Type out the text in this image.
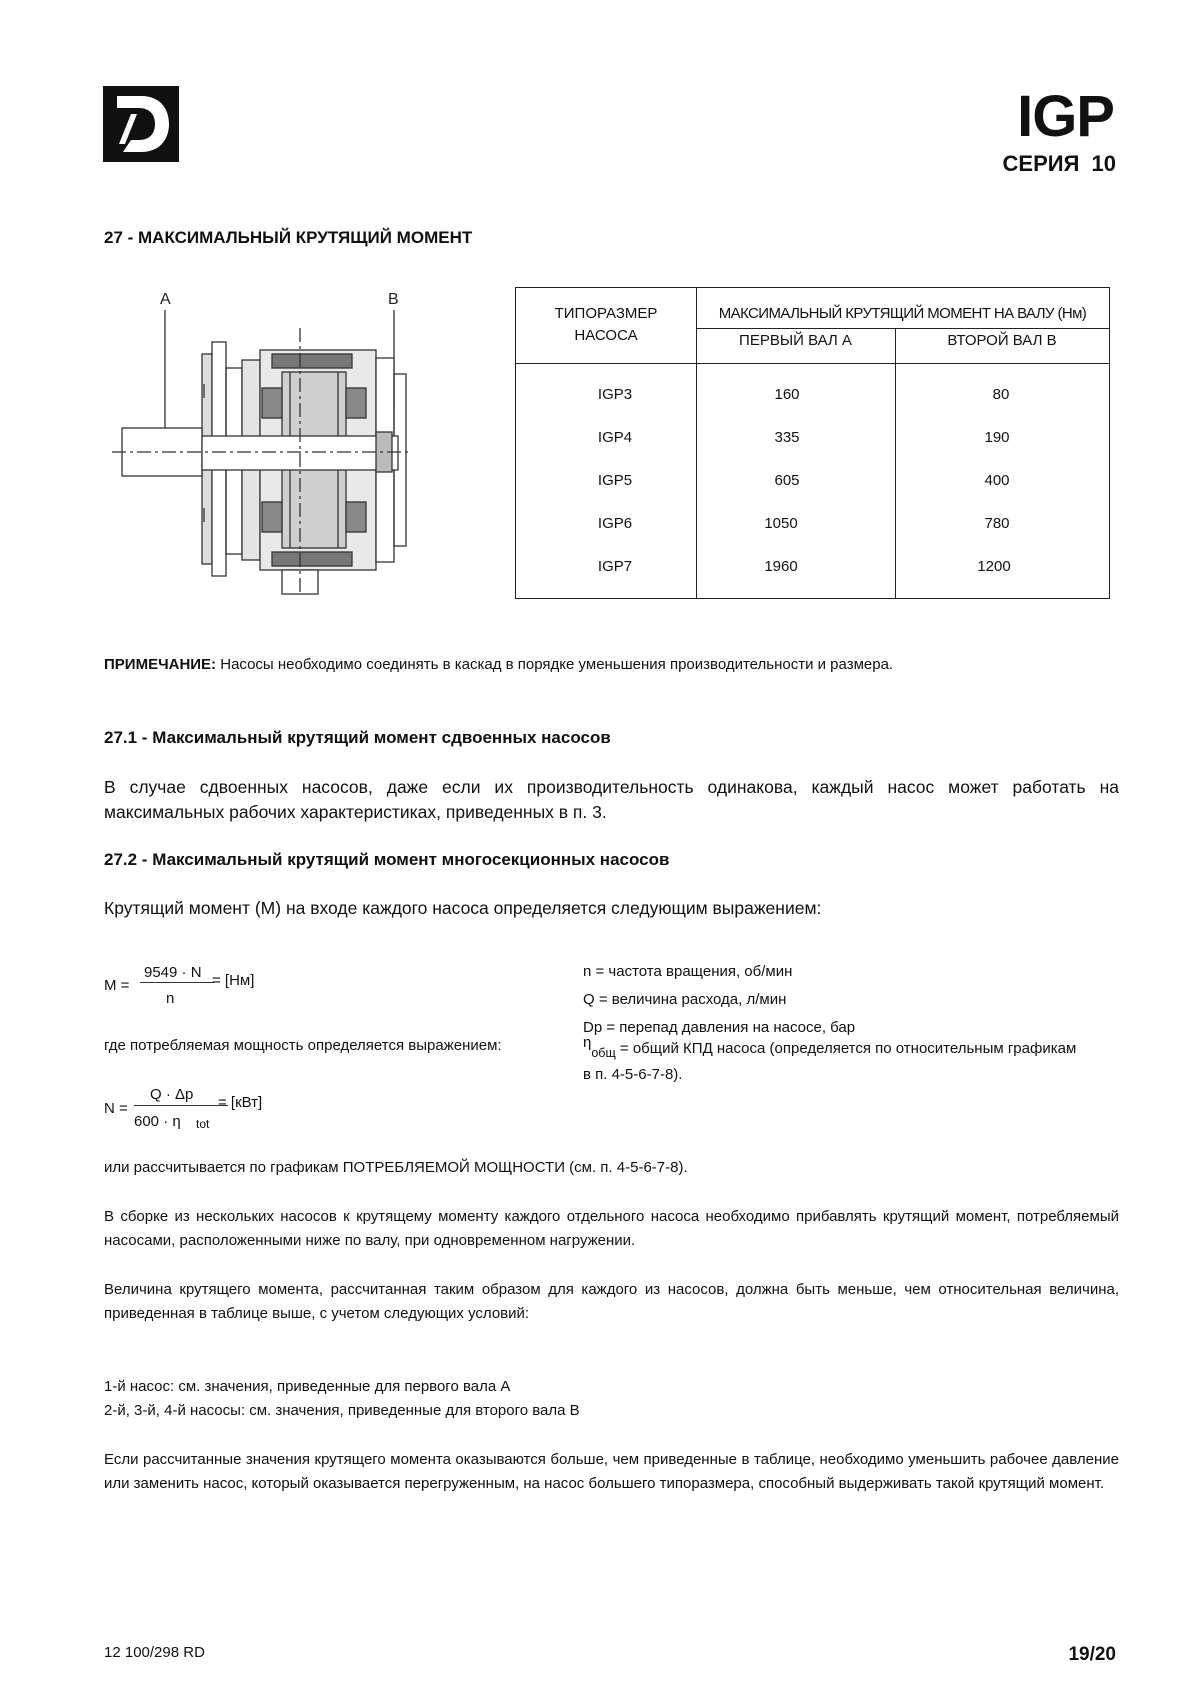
IGP
СЕРИЯ 10
27 - МАКСИМАЛЬНЫЙ КРУТЯЩИЙ МОМЕНТ
A	B
ТИПОРАЗМЕР
НАСОСА
МАКСИМАЛЬНЫЙ КРУТЯЩИЙ МОМЕНТ НА ВАЛУ (Нм)
ПЕРВЫЙ ВАЛ А	ВТОРОЙ ВАЛ В
IGP3	160	80
IGP4	335	190
IGP5	605	400
IGP6	1050	780
IGP7	1960	1200
ПРИМЕЧАНИЕ: Насосы необходимо соединять в каскад в порядке уменьшения производительности и размера.
27.1 - Максимальный крутящий момент сдвоенных насосов
В случае сдвоенных насосов, даже если их производительность одинакова, каждый насос может работать на максимальных рабочих характеристиках, приведенных в п. 3.
27.2 - Максимальный крутящий момент многосекционных насосов
Крутящий момент (М) на входе каждого насоса определяется следующим выражением:
M =
9549 · N
n
= [Нм]
где потребляемая мощность определяется выражением:
N =
Q · Δp
600 · η tot
= [кВт]
n = частота вращения, об/мин
Q = величина расхода, л/мин
Dp = перепад давления на насосе, бар
$\eta_{общ}$ = общий КПД насоса (определяется по относительным графикам
в п. 4-5-6-7-8).
или рассчитывается по графикам ПОТРЕБЛЯЕМОЙ МОЩНОСТИ (см. п. 4-5-6-7-8).
В сборке из нескольких насосов к крутящему моменту каждого отдельного насоса необходимо прибавлять крутящий момент, потребляемый насосами, расположенными ниже по валу, при одновременном нагружении.
Величина крутящего момента, рассчитанная таким образом для каждого из насосов, должна быть меньше, чем относительная величина, приведенная в таблице выше, с учетом следующих условий:
1-й насос: см. значения, приведенные для первого вала А
2-й, 3-й, 4-й насосы: см. значения, приведенные для второго вала В
Если рассчитанные значения крутящего момента оказываются больше, чем приведенные в таблице, необходимо уменьшить рабочее давление или заменить насос, который оказывается перегруженным, на насос большего типоразмера, способный выдерживать такой крутящий момент.
12 100/298 RD	19/20
